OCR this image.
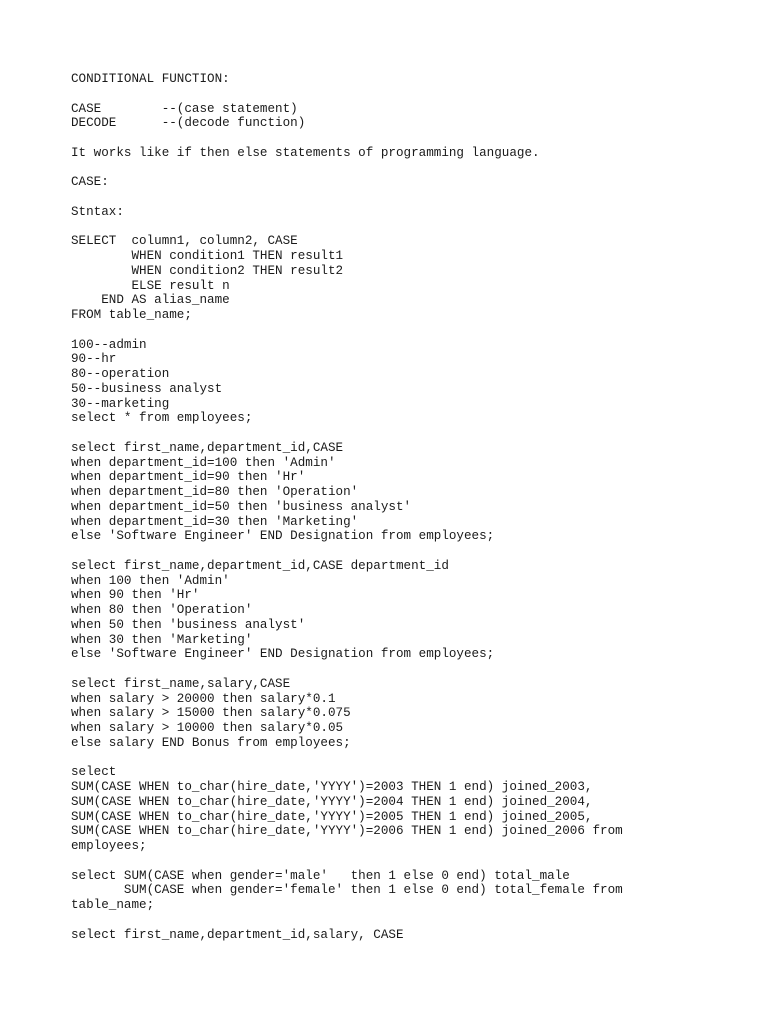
CONDITIONAL FUNCTION:
CASE        --(case statement)
DECODE      --(decode function)
It works like if then else statements of programming language.
CASE:
Stntax:
SELECT  column1, column2, CASE
WHEN condition1 THEN result1
WHEN condition2 THEN result2
ELSE result n
END AS alias_name
FROM table_name;
100--admin
90--hr
80--operation
50--business analyst
30--marketing
select * from employees;
select first_name,department_id,CASE
when department_id=100 then 'Admin'
when department_id=90 then 'Hr'
when department_id=80 then 'Operation'
when department_id=50 then 'business analyst'
when department_id=30 then 'Marketing'
else 'Software Engineer' END Designation from employees;
select first_name,department_id,CASE department_id
when 100 then 'Admin'
when 90 then 'Hr'
when 80 then 'Operation'
when 50 then 'business analyst'
when 30 then 'Marketing'
else 'Software Engineer' END Designation from employees;
select first_name,salary,CASE
when salary > 20000 then salary*0.1
when salary > 15000 then salary*0.075
when salary > 10000 then salary*0.05
else salary END Bonus from employees;
select
SUM(CASE WHEN to_char(hire_date,'YYYY')=2003 THEN 1 end) joined_2003,
SUM(CASE WHEN to_char(hire_date,'YYYY')=2004 THEN 1 end) joined_2004,
SUM(CASE WHEN to_char(hire_date,'YYYY')=2005 THEN 1 end) joined_2005,
SUM(CASE WHEN to_char(hire_date,'YYYY')=2006 THEN 1 end) joined_2006 from
employees;
select SUM(CASE when gender='male'   then 1 else 0 end) total_male
SUM(CASE when gender='female' then 1 else 0 end) total_female from
table_name;
select first_name,department_id,salary, CASE
